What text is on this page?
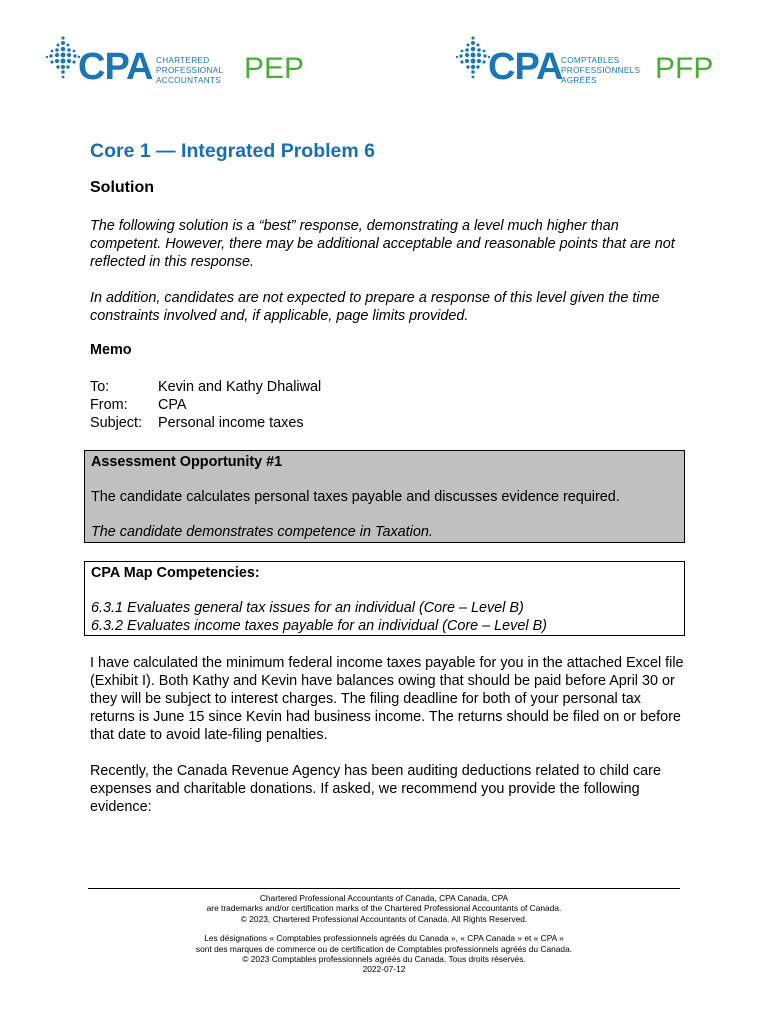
CPA CHARTERED
PROFESSIONAL
ACCOUNTANTS PEP	CPA
COMPTABLES
PROFESSIONNELS
AGRÉÉS	PFP
Core 1 — Integrated Problem 6
Solution

The following solution is a “best” response, demonstrating a level much higher than competent. However, there may be additional acceptable and reasonable points that are not reflected in this response.

In addition, candidates are not expected to prepare a response of this level given the time constraints involved and, if applicable, page limits provided.

Memo
To:	Kevin and Kathy Dhaliwal
From:	CPA
Subject:	Personal income taxes
Assessment Opportunity #1
The candidate calculates personal taxes payable and discusses evidence required.
The candidate demonstrates competence in Taxation.
CPA Map Competencies:
6.3.1 Evaluates general tax issues for an individual (Core – Level B)
6.3.2 Evaluates income taxes payable for an individual (Core – Level B)

I have calculated the minimum federal income taxes payable for you in the attached Excel file (Exhibit I). Both Kathy and Kevin have balances owing that should be paid before April 30 or they will be subject to interest charges. The filing deadline for both of your personal tax returns is June 15 since Kevin had business income. The returns should be filed on or before that date to avoid late-filing penalties.

Recently, the Canada Revenue Agency has been auditing deductions related to child care expenses and charitable donations. If asked, we recommend you provide the following evidence:

Chartered Professional Accountants of Canada, CPA Canada, CPA
are trademarks and/or certification marks of the Chartered Professional Accountants of Canada.
© 2023, Chartered Professional Accountants of Canada. All Rights Reserved.
Les désignations « Comptables professionnels agréés du Canada », « CPA Canada » et « CPA »
sont des marques de commerce ou de certification de Comptables professionnels agréés du Canada.
© 2023 Comptables professionnels agréés du Canada. Tous droits réservés.
2022-07-12
